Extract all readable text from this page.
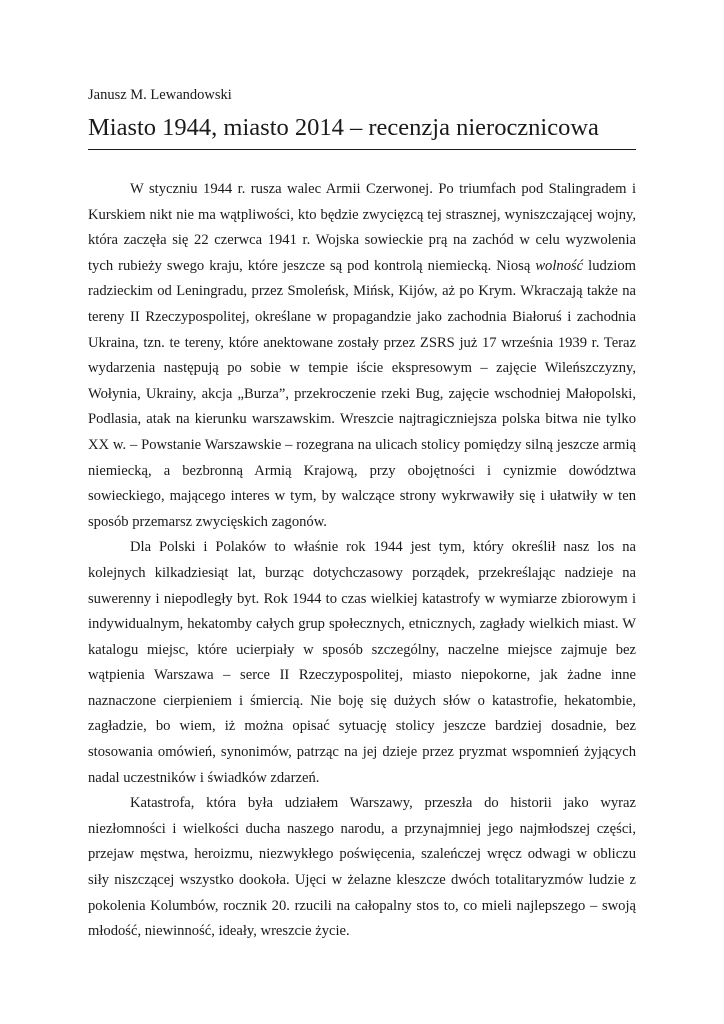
Janusz M. Lewandowski

Miasto 1944, miasto 2014 – recenzja nierocznicowa

W styczniu 1944 r. rusza walec Armii Czerwonej. Po triumfach pod Stalingradem i Kurskiem nikt nie ma wątpliwości, kto będzie zwycięzcą tej strasznej, wyniszczającej wojny, która zaczęła się 22 czerwca 1941 r. Wojska sowieckie prą na zachód w celu wyzwolenia tych rubieży swego kraju, które jeszcze są pod kontrolą niemiecką. Niosą wolność ludziom radzieckim od Leningradu, przez Smoleńsk, Mińsk, Kijów, aż po Krym. Wkraczają także na tereny II Rzeczypospolitej, określane w propagandzie jako zachodnia Białoruś i zachodnia Ukraina, tzn. te tereny, które anektowane zostały przez ZSRS już 17 września 1939 r. Teraz wydarzenia następują po sobie w tempie iście ekspresowym – zajęcie Wileńszczyzny, Wołynia, Ukrainy, akcja „Burza”, przekroczenie rzeki Bug, zajęcie wschodniej Małopolski, Podlasia, atak na kierunku warszawskim. Wreszcie najtragiczniejsza polska bitwa nie tylko XX w. – Powstanie Warszawskie – rozegrana na ulicach stolicy pomiędzy silną jeszcze armią niemiecką, a bezbronną Armią Krajową, przy obojętności i cynizmie dowództwa sowieckiego, mającego interes w tym, by walczące strony wykrwawiły się i ułatwiły w ten sposób przemarsz zwycięskich zagonów.

Dla Polski i Polaków to właśnie rok 1944 jest tym, który określił nasz los na kolejnych kilkadziesiąt lat, burząc dotychczasowy porządek, przekreślając nadzieje na suwerenny i niepodległy byt. Rok 1944 to czas wielkiej katastrofy w wymiarze zbiorowym i indywidualnym, hekatomby całych grup społecznych, etnicznych, zagłady wielkich miast. W katalogu miejsc, które ucierpiały w sposób szczególny, naczelne miejsce zajmuje bez wątpienia Warszawa – serce II Rzeczypospolitej, miasto niepokorne, jak żadne inne naznaczone cierpieniem i śmiercią. Nie boję się dużych słów o katastrofie, hekatombie, zagładzie, bo wiem, iż można opisać sytuację stolicy jeszcze bardziej dosadnie, bez stosowania omówień, synonimów, patrząc na jej dzieje przez pryzmat wspomnień żyjących nadal uczestników i świadków zdarzeń.

Katastrofa, która była udziałem Warszawy, przeszła do historii jako wyraz niezłomności i wielkości ducha naszego narodu, a przynajmniej jego najmłodszej części, przejaw męstwa, heroizmu, niezwykłego poświęcenia, szaleńczej wręcz odwagi w obliczu siły niszczącej wszystko dookoła. Ujęci w żelazne kleszcze dwóch totalitaryzmów ludzie z pokolenia Kolumbów, rocznik 20. rzucili na całopalny stos to, co mieli najlepszego – swoją młodość, niewinność, ideały, wreszcie życie.
